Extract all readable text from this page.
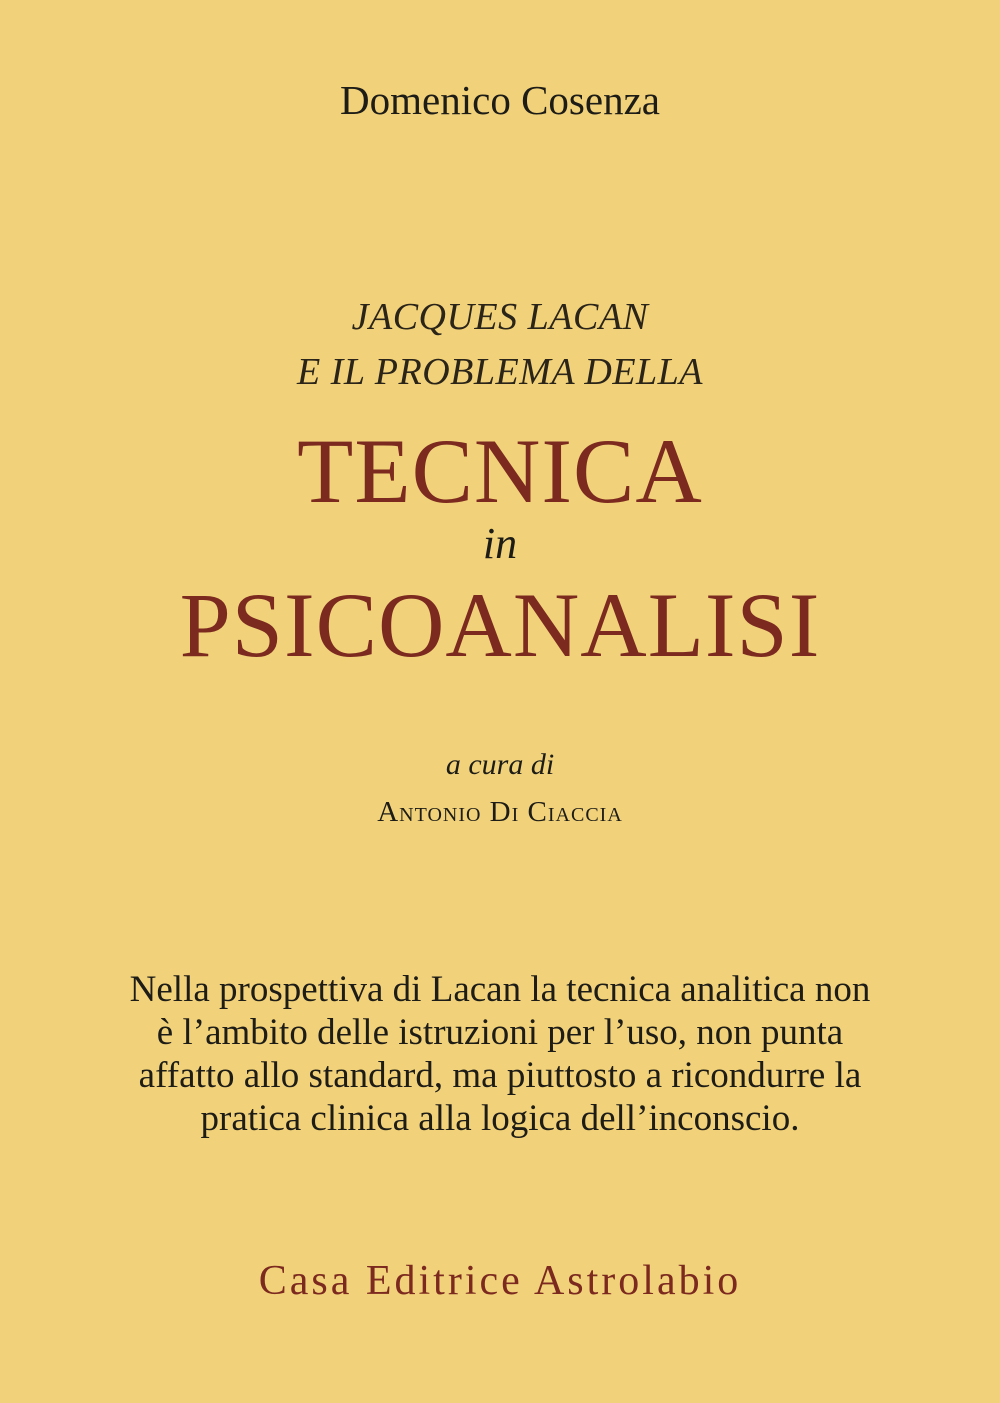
Domenico Cosenza
JACQUES LACAN
E IL PROBLEMA DELLA
TECNICA
in
PSICOANALISI
a cura di
Antonio Di Ciaccia
Nella prospettiva di Lacan la tecnica analitica non
è l’ambito delle istruzioni per l’uso, non punta
affatto allo standard, ma piuttosto a ricondurre la
pratica clinica alla logica dell’inconscio.
Casa Editrice Astrolabio
